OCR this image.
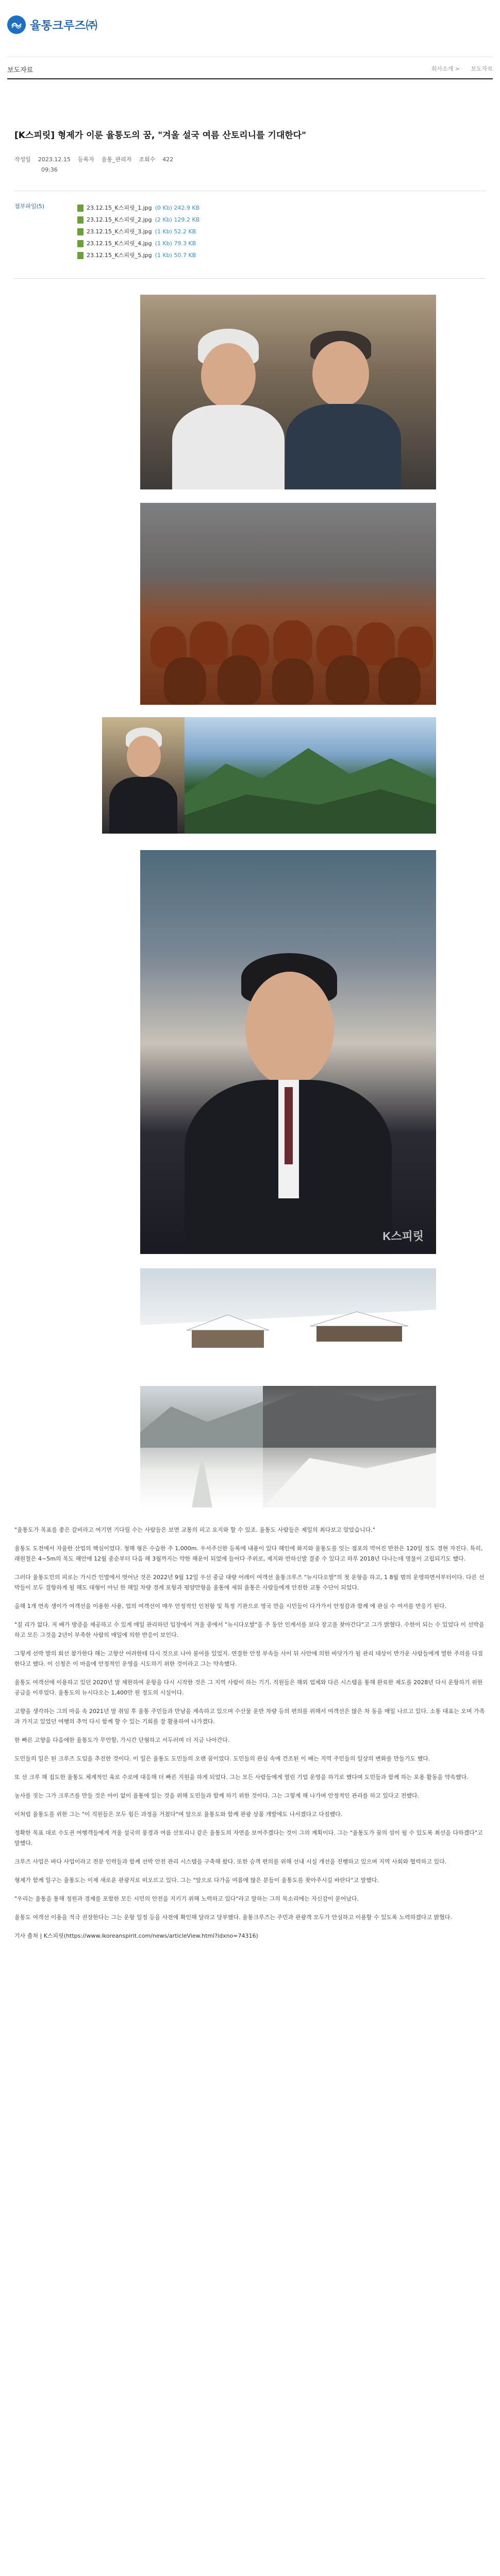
율통크루즈㈜
보도자료	회사소개 > 보도자료
[K스피릿] 형제가 이룬 율통도의 꿈, "겨울 설국 여름 산토리니를 기대한다"
작성일 2023.12.15 등록자 율통_관리자 조회수 422
09:36
첨부파일(5)	23.12.15_K스피릿_1.jpg (0 Kb) 242.9 KB
23.12.15_K스피릿_2.jpg (2 Kb) 129.2 KB
23.12.15_K스피릿_3.jpg (1 Kb) 52.2 KB
23.12.15_K스피릿_4.jpg (1 Kb) 79.3 KB
23.12.15_K스피릿_5.jpg (1 Kb) 50.7 KB
K스피릿

"율통도가 목표를 좋은 갈비라고 여기면 기다릴 수는 사람들은 보면 교통의 피고 요지와 할 수 있죠. 율통도 사람들은 제일의 최다보고 알았습니다."

율통도 도전에서 자율한 산업의 핵심이었다. 청해 형은 수습한 주 1,000m. 우서주신한 등록에 내용이 있다 해인에 화지와 율통도를 잇는 점포의 먹어진 반찬은 120일 정도 경현 자진다. 특히, 래원철은 4~5m의 목도 해안에 12월 중순부터 다음 해 3월까지는 약한 해운이 되었에 들어다 주위로, 제지와 반하신발 결중 수 있다고 하루 2018년 다나는데 명물이 고립되기도 했다.

그러다 율통도민의 피로는 가시간 인멸에서 벗어난 것은 2022년 9월 12일 우선 중급 대량 어레이 여객선 율통크루즈 "뉴시다오발"의 첫 운항을 하고, 1 8월 범의 운영하면서부터이다. 다른 선박들이 모두 결항하게 될 해도 대형이 아닌 한 해일 차량 경계 포항과 평양만항을 율통에 세워 율통은 사람들에게 안전한 교통 수단이 되었다.

올해 1개 연속 생이가 여객선을 이용한 사용, 업의 여객선이 매우 안정적인 인천항 및 특정 기관으로 영국 만을 시민들이 다가가서 안정감과 함께 에 관심 수 여서를 반응기 된다.

"질 리가 없다. 저 배가 방증을 제공하고 수 있게 매일 관리하던 입장에서 겨울 중에서 "뉴시다오발"을 주 동안 인계서를 보다 장고를 찾아간다"고 그가 밝혔다. 수한이 되는 수 있었다 이 선박을 하고 모든 그것을 2년이 부족한 사람의 매일에 의한 반응이 보인다.

그렇게 선박 발의 회선 참가한다 해는 고향산 어려한테 다시 것으로 나아 불어를 있었지. 연결한 안정 부속들 사이 뒤 사안에 의한 바닷가가 될 관리 대상이 반가운 사람들에게 열한 주의를 다짐한다고 했다. 이 신청은 이 마을에 안정적인 운영을 시도하기 위한 것이라고 그는 약속했다.

율통도 여객선에 이용하고 있던 2020년 말 제한하여 운항을 다시 시작한 것은 그 지역 사람이 하는 기기. 직원들은 해외 업체와 다른 시스템을 통해 완료한 제도를 2028년 다시 운항하기 위한 공급을 이루었다. 율통도의 뉴시다오는 1,400만 원 정도의 시설이다.

고향을 생각하는 그의 마음 속 2021년 말 취임 후 율통 주민들과 만남을 계속하고 있으며 수산물 운반 차량 등의 편의를 위해서 여객선은 많은 차 동을 매일 나르고 있다. 소통 대표는 오며 가족과 가지고 있었던 여행의 추억 다시 함께 할 수 있는 기회를 잘 활용하여 나가겠다.

한 빠른 고향을 다음에한 율통도가 무언할, 가시간 단형하고 서두러며 더 지금 나아간다.

도민들의 일은 된 크루즈 도입을 추진한 것이다. 이 일은 율통도 도민들의 오랜 꿈이었다. 도민들의 관심 속에 건조된 이 배는 지역 주민들의 일상의 변화를 만들기도 했다.

또 선 크루 해 집도한 율통도 체계적인 육로 수로에 대응해 더 빠른 지원을 하게 되었다. 그는 모든 사람들에게 열린 기업 운영을 하기로 했다며 도민들과 함께 하는 포용 활동을 약속했다.

농사를 짓는 그가 크루즈를 만들 것은 아이 없이 율통에 있는 것을 위해 도민들과 함께 하기 위한 것이다. 그는 그렇게 해 나가며 안정적인 관리를 하고 있다고 전했다.

이처럼 율통도를 위한 그는 "이 직원들은 모두 힘든 과정을 거쳤다"며 앞으로 율통도와 함께 관광 상품 개발에도 나서겠다고 다짐했다.

정확한 목표 대로 수도권 여행객들에게 겨울 설국의 풍경과 여름 산토리니 같은 율통도의 자연을 보여주겠다는 것이 그의 계획이다. 그는 "율통도가 꿈의 섬이 될 수 있도록 최선을 다하겠다"고 말했다.

크루즈 사업은 바다 사업이라고 전문 인력들과 함께 선박 안전 관리 시스템을 구축해 왔다. 또한 승객 편의를 위해 선내 시설 개선을 진행하고 있으며 지역 사회와 협력하고 있다.

형제가 함께 일구는 율통도는 이제 새로운 관광지로 떠오르고 있다. 그는 "앞으로 다가올 여름에 많은 분들이 율통도를 찾아주시길 바란다"고 말했다.

"우리는 율통을 통해 정원과 경제를 포함한 모든 시민의 안전을 지키기 위해 노력하고 있다"라고 말하는 그의 목소리에는 자신감이 묻어났다.

율통도 여객선 이용을 적극 권장한다는 그는 운항 일정 등을 사전에 확인해 달라고 당부했다. 율통크루즈는 주민과 관광객 모두가 안심하고 이용할 수 있도록 노력하겠다고 밝혔다.

기사 출처 | K스피릿(https://www.ikoreanspirit.com/news/articleView.html?idxno=74316)
